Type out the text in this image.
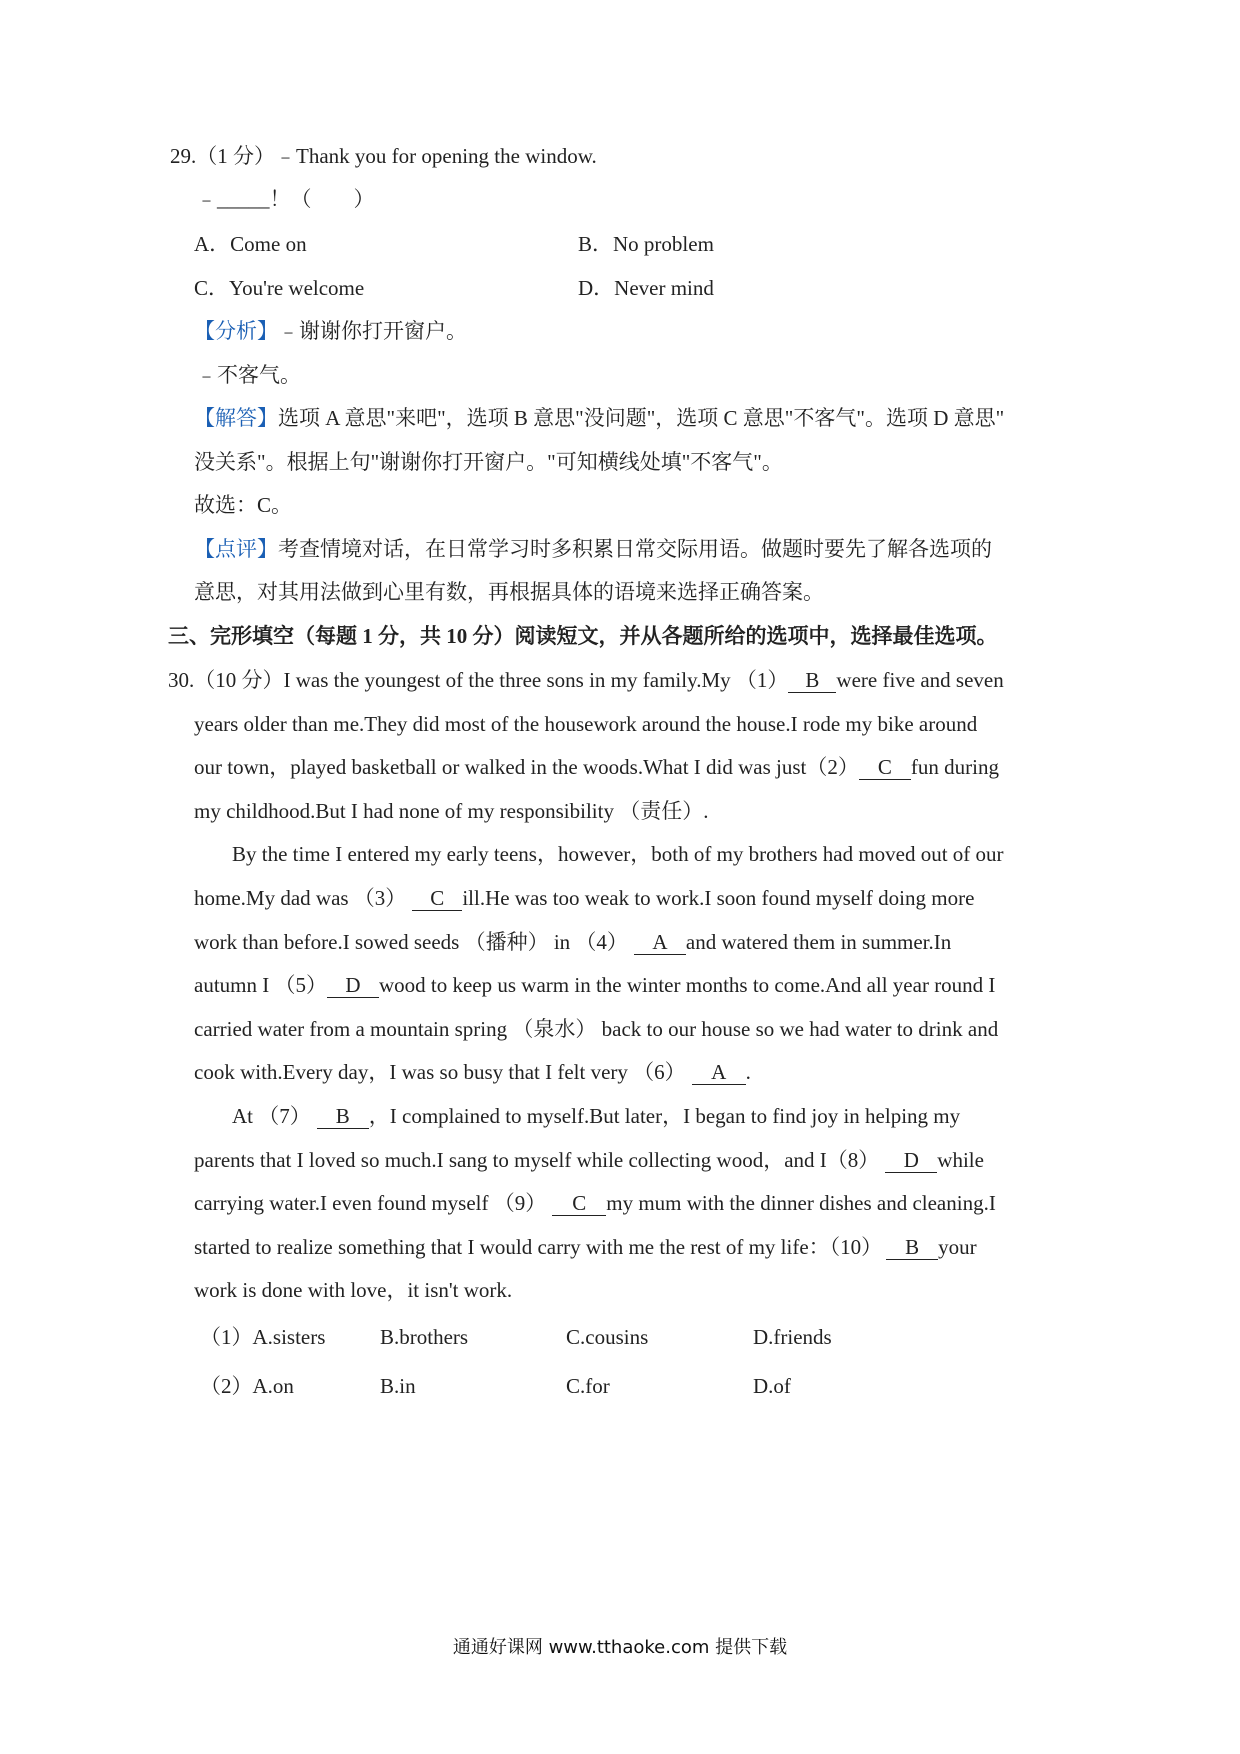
29.（1 分）﹣Thank you for opening the window.
﹣_____！（　　）
A．Come on	B．No problem
C．You're welcome	D．Never mind
【分析】﹣谢谢你打开窗户。
﹣不客气。
【解答】选项 A 意思"来吧"，选项 B 意思"没问题"，选项 C 意思"不客气"。选项 D 意思"
没关系"。根据上句"谢谢你打开窗户。"可知横线处填"不客气"。
故选：C。
【点评】考查情境对话，在日常学习时多积累日常交际用语。做题时要先了解各选项的
意思，对其用法做到心里有数，再根据具体的语境来选择正确答案。
三、完形填空（每题 1 分，共 10 分）阅读短文，并从各题所给的选项中，选择最佳选项。
30.（10 分）I was the youngest of the three sons in my family.My （1） B were five and seven
years older than me.They did most of the housework around the house.I rode my bike around
our town，played basketball or walked in the woods.What I did was just（2） C fun during
my childhood.But I had none of my responsibility （责任）.
By the time I entered my early teens，however，both of my brothers had moved out of our
home.My dad was （3） C ill.He was too weak to work.I soon found myself doing more
work than before.I sowed seeds （播种） in （4） A and watered them in summer.In
autumn I （5） D wood to keep us warm in the winter months to come.And all year round I
carried water from a mountain spring （泉水） back to our house so we had water to drink and
cook with.Every day，I was so busy that I felt very （6） A .
At （7） B ，I complained to myself.But later，I began to find joy in helping my
parents that I loved so much.I sang to myself while collecting wood，and I（8） D while
carrying water.I even found myself （9） C my mum with the dinner dishes and cleaning.I
started to realize something that I would carry with me the rest of my life：（10） B your
work is done with love，it isn't work.
（1）A.sisters	B.brothers	C.cousins	D.friends
（2）A.on	B.in	C.for	D.of
通通好课网 www.tthaoke.com 提供下载
